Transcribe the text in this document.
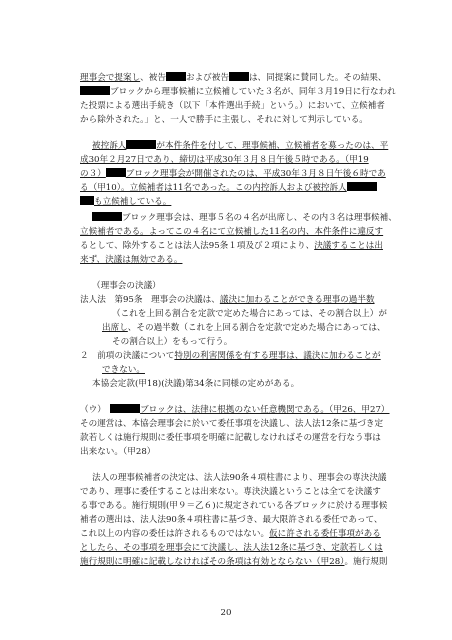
理事会で提案し、被告 および被告 は、同提案に賛同した。その結果、
ブロックから理事候補に立候補していた３名が、同年３月19日に行なわれ
た投票による選出手続き（以下「本件選出手続」という。）において、立候補者
から除外された。」と、一人で勝手に主張し、それに対して判示している。
被控訴人	が本件条件を付して、理事候補、立候補者を募ったのは、平
成30年２月27日であり、締切は平成30年３月８日午後５時である。（甲19
の３） ブロック理事会が開催されたのは、平成30年３月８日午後６時であ
る（甲10）。立候補者は11名であった。この内控訴人および被控訴人
も立候補している。
ブロック理事会は、理事５名の４名が出席し、その内３名は理事候補、
立候補者である。よってこの４名にて立候補した11名の内、本件条件に違反す
るとして、除外することは法人法95条１項及び２項により、決議することは出
来ず、決議は無効である。
（理事会の決議）
法人法　第95条　理事会の決議は、議決に加わることができる理事の過半数
（これを上回る割合を定款で定めた場合にあっては、その割合以上）が
出席し、その過半数（これを上回る割合を定款で定めた場合にあっては、
その割合以上）をもって行う。
２　前項の決議について特別の利害関係を有する理事は、議決に加わることが
できない。
本協会定款(甲18)(決議)第34条に同様の定めがある。
（ウ）　	ブロックは、法律に根拠のない任意機関である。（甲26、甲27）
その運営は、本協会理事会に於いて委任事項を決議し、法人法12条に基づき定
款若しくは施行規則に委任事項を明確に記載しなければその運営を行なう事は
出来ない。（甲28）
法人の理事候補者の決定は、法人法90条４項柱書により、理事会の専決決議
であり、理事に委任することは出来ない。専決決議ということは全てを決議す
る事である。施行規則(甲９＝乙６)に規定されている各ブロックに於ける理事候
補者の選出は、法人法90条４項柱書に基づき、最大限許される委任であって、
これ以上の内容の委任は許されるものではない。仮に許される委任事項がある
としたら、その事項を理事会にて決議し、法人法12条に基づき、定款若しくは
施行規則に明確に記載しなければその条項は有効とならない（甲28）。施行規則
20
